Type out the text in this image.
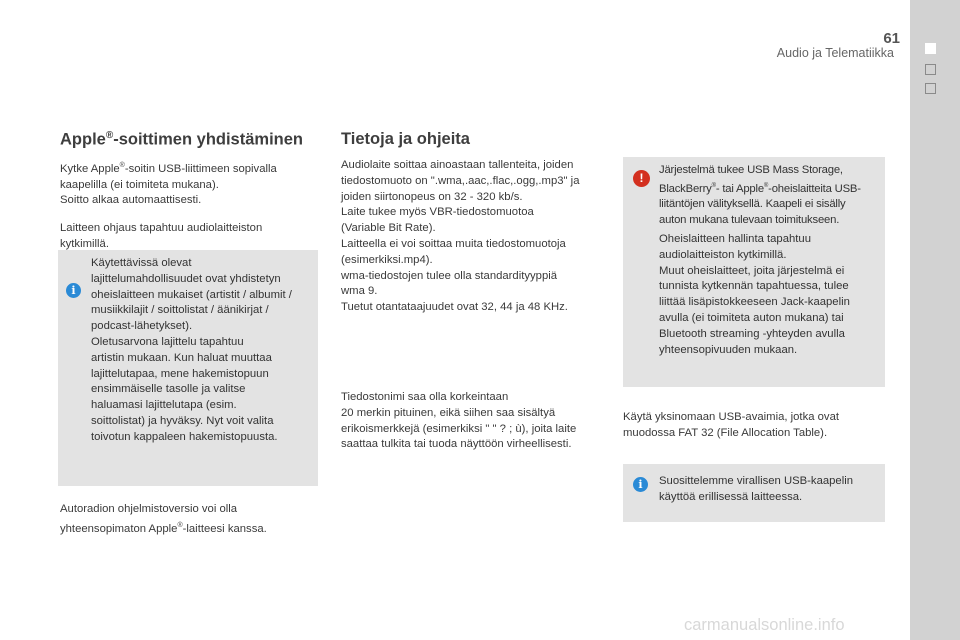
61
Audio ja Telematiikka
Apple®-soittimen yhdistäminen

Kytke Apple®-soitin USB-liittimeen sopivalla
kaapelilla (ei toimiteta mukana).
Soitto alkaa automaattisesti.

Laitteen ohjaus tapahtuu audiolaitteiston
kytkimillä.

i

Käytettävissä olevat
lajittelumahdollisuudet ovat yhdistetyn
oheislaitteen mukaiset (artistit / albumit /
musiikkilajit / soittolistat / äänikirjat /
podcast-lähetykset).
Oletusarvona lajittelu tapahtuu
artistin mukaan. Kun haluat muuttaa
lajittelutapaa, mene hakemistopuun
ensimmäiselle tasolle ja valitse
haluamasi lajittelutapa (esim.
soittolistat) ja hyväksy. Nyt voit valita
toivotun kappaleen hakemistopuusta.

Autoradion ohjelmistoversio voi olla
yhteensopimaton Apple®-laitteesi kanssa.

Tietoja ja ohjeita

Audiolaite soittaa ainoastaan tallenteita, joiden
tiedostomuoto on ".wma,.aac,.flac,.ogg,.mp3" ja
joiden siirtonopeus on 32 - 320 kb/s.
Laite tukee myös VBR-tiedostomuotoa
(Variable Bit Rate).
Laitteella ei voi soittaa muita tiedostomuotoja
(esimerkiksi.mp4).
wma-tiedostojen tulee olla standardityyppiä
wma 9.
Tuetut otantataajuudet ovat 32, 44 ja 48 KHz.

Tiedostonimi saa olla korkeintaan
20 merkin pituinen, eikä siihen saa sisältyä
erikoismerkkejä (esimerkiksi " " ? ; ù), joita laite
saattaa tulkita tai tuoda näyttöön virheellisesti.

!
Järjestelmä tukee USB Mass Storage,
BlackBerry®- tai Apple®-oheislaitteita USB-
liitäntöjen välityksellä. Kaapeli ei sisälly
auton mukana tulevaan toimitukseen.

Oheislaitteen hallinta tapahtuu
audiolaitteiston kytkimillä.
Muut oheislaitteet, joita järjestelmä ei
tunnista kytkennän tapahtuessa, tulee
liittää lisäpistokkeeseen Jack-kaapelin
avulla (ei toimiteta auton mukana) tai
Bluetooth streaming -yhteyden avulla
yhteensopivuuden mukaan.

Käytä yksinomaan USB-avaimia, jotka ovat
muodossa FAT 32 (File Allocation Table).

i	Suosittelemme virallisen USB-kaapelin
käyttöä erillisessä laitteessa.

carmanualsonline.info
